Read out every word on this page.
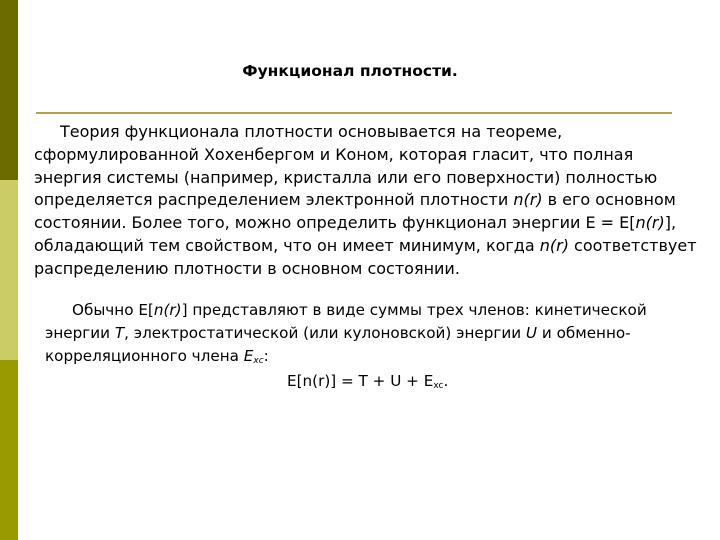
Функционал плотности.

Теория функционала плотности основывается на теореме, сформулированной Хохенбергом и Коном, которая гласит, что полная энергия системы (например, кристалла или его поверхности) полностью определяется распределением электронной плотности n(r) в его основном состоянии. Более того, можно определить функционал энергии E = E[n(r)], обладающий тем свойством, что он имеет минимум, когда n(r) соответствует распределению плотности в основном состоянии.

Обычно E[n(r)] представляют в виде суммы трех членов: кинетической энергии T, электростатической (или кулоновской) энергии U и обменно-корреляционного члена $E_{xc}$:

$E[n(r)] = T + U + E_{xc}$.
